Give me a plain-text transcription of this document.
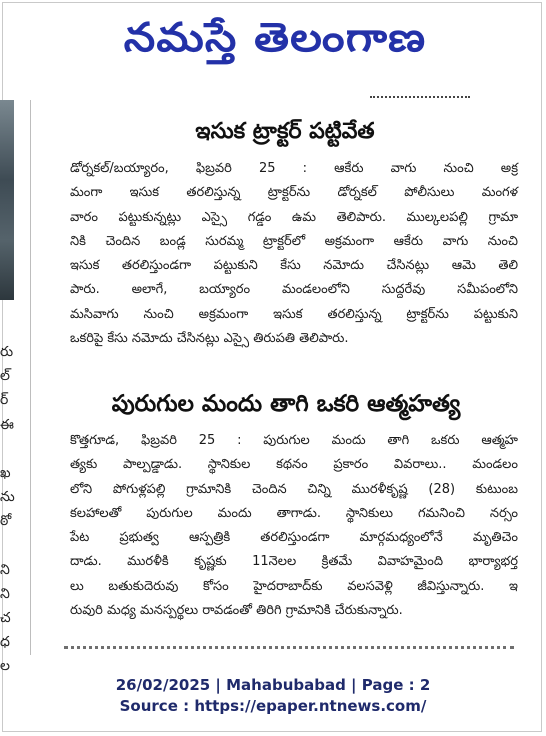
నమస్తే తెలంగాణ
రు
ల్
ర్
ఈ
ఖ
ను
ఠో
ని
ని
చ
ధ
ల
ఇసుక ట్రాక్టర్ పట్టివేత
డోర్నకల్/బయ్యారం, ఫిబ్రవరి 25 : ఆకేరు వాగు నుంచి అక్ర
మంగా ఇసుక తరలిస్తున్న ట్రాక్టర్‌ను డోర్నకల్ పోలీసులు మంగళ
వారం పట్టుకున్నట్లు ఎస్సై గడ్డం ఉమ తెలిపారు. ముల్కలపల్లి గ్రామా
నికి చెందిన బండ్ల సురమ్మ ట్రాక్టర్‌లో అక్రమంగా ఆకేరు వాగు నుంచి
ఇసుక తరలిస్తుండగా పట్టుకుని కేసు నమోదు చేసినట్లు ఆమె తెలి
పారు. అలాగే, బయ్యారం మండలంలోని సుద్దరేవు సమీపంలోని
మసివాగు నుంచి అక్రమంగా ఇసుక తరలిస్తున్న ట్రాక్టర్‌ను పట్టుకుని
ఒకరిపై కేసు నమోదు చేసినట్లు ఎస్సై తిరుపతి తెలిపారు.
పురుగుల మందు తాగి ఒకరి ఆత్మహత్య
కొత్తగూడ, ఫిబ్రవరి 25 : పురుగుల మందు తాగి ఒకరు ఆత్మహ
త్యకు పాల్పడ్డాడు. స్థానికుల కథనం ప్రకారం వివరాలు.. మండలం
లోని పోగుళ్లపల్లి గ్రామానికి చెందిన చిన్ని మురళీకృష్ణ (28) కుటుంబ
కలహాలతో పురుగుల మందు తాగాడు. స్థానికులు గమనించి నర్సం
పేట ప్రభుత్వ ఆస్పత్రికి తరలిస్తుండగా మార్గమధ్యంలోనే మృతిచెం
దాడు. మురళీకి కృష్ణకు 11నెలల క్రితమే వివాహమైంది భార్యాభర్త
లు బతుకుదెరువు కోసం హైదరాబాద్‌కు వలసవెళ్లి జీవిస్తున్నారు. ఇ
రువురి మధ్య మనస్పర్థలు రావడంతో తిరిగి గ్రామానికి చేరుకున్నారు.
26/02/2025 | Mahabubabad | Page : 2
Source : https://epaper.ntnews.com/
